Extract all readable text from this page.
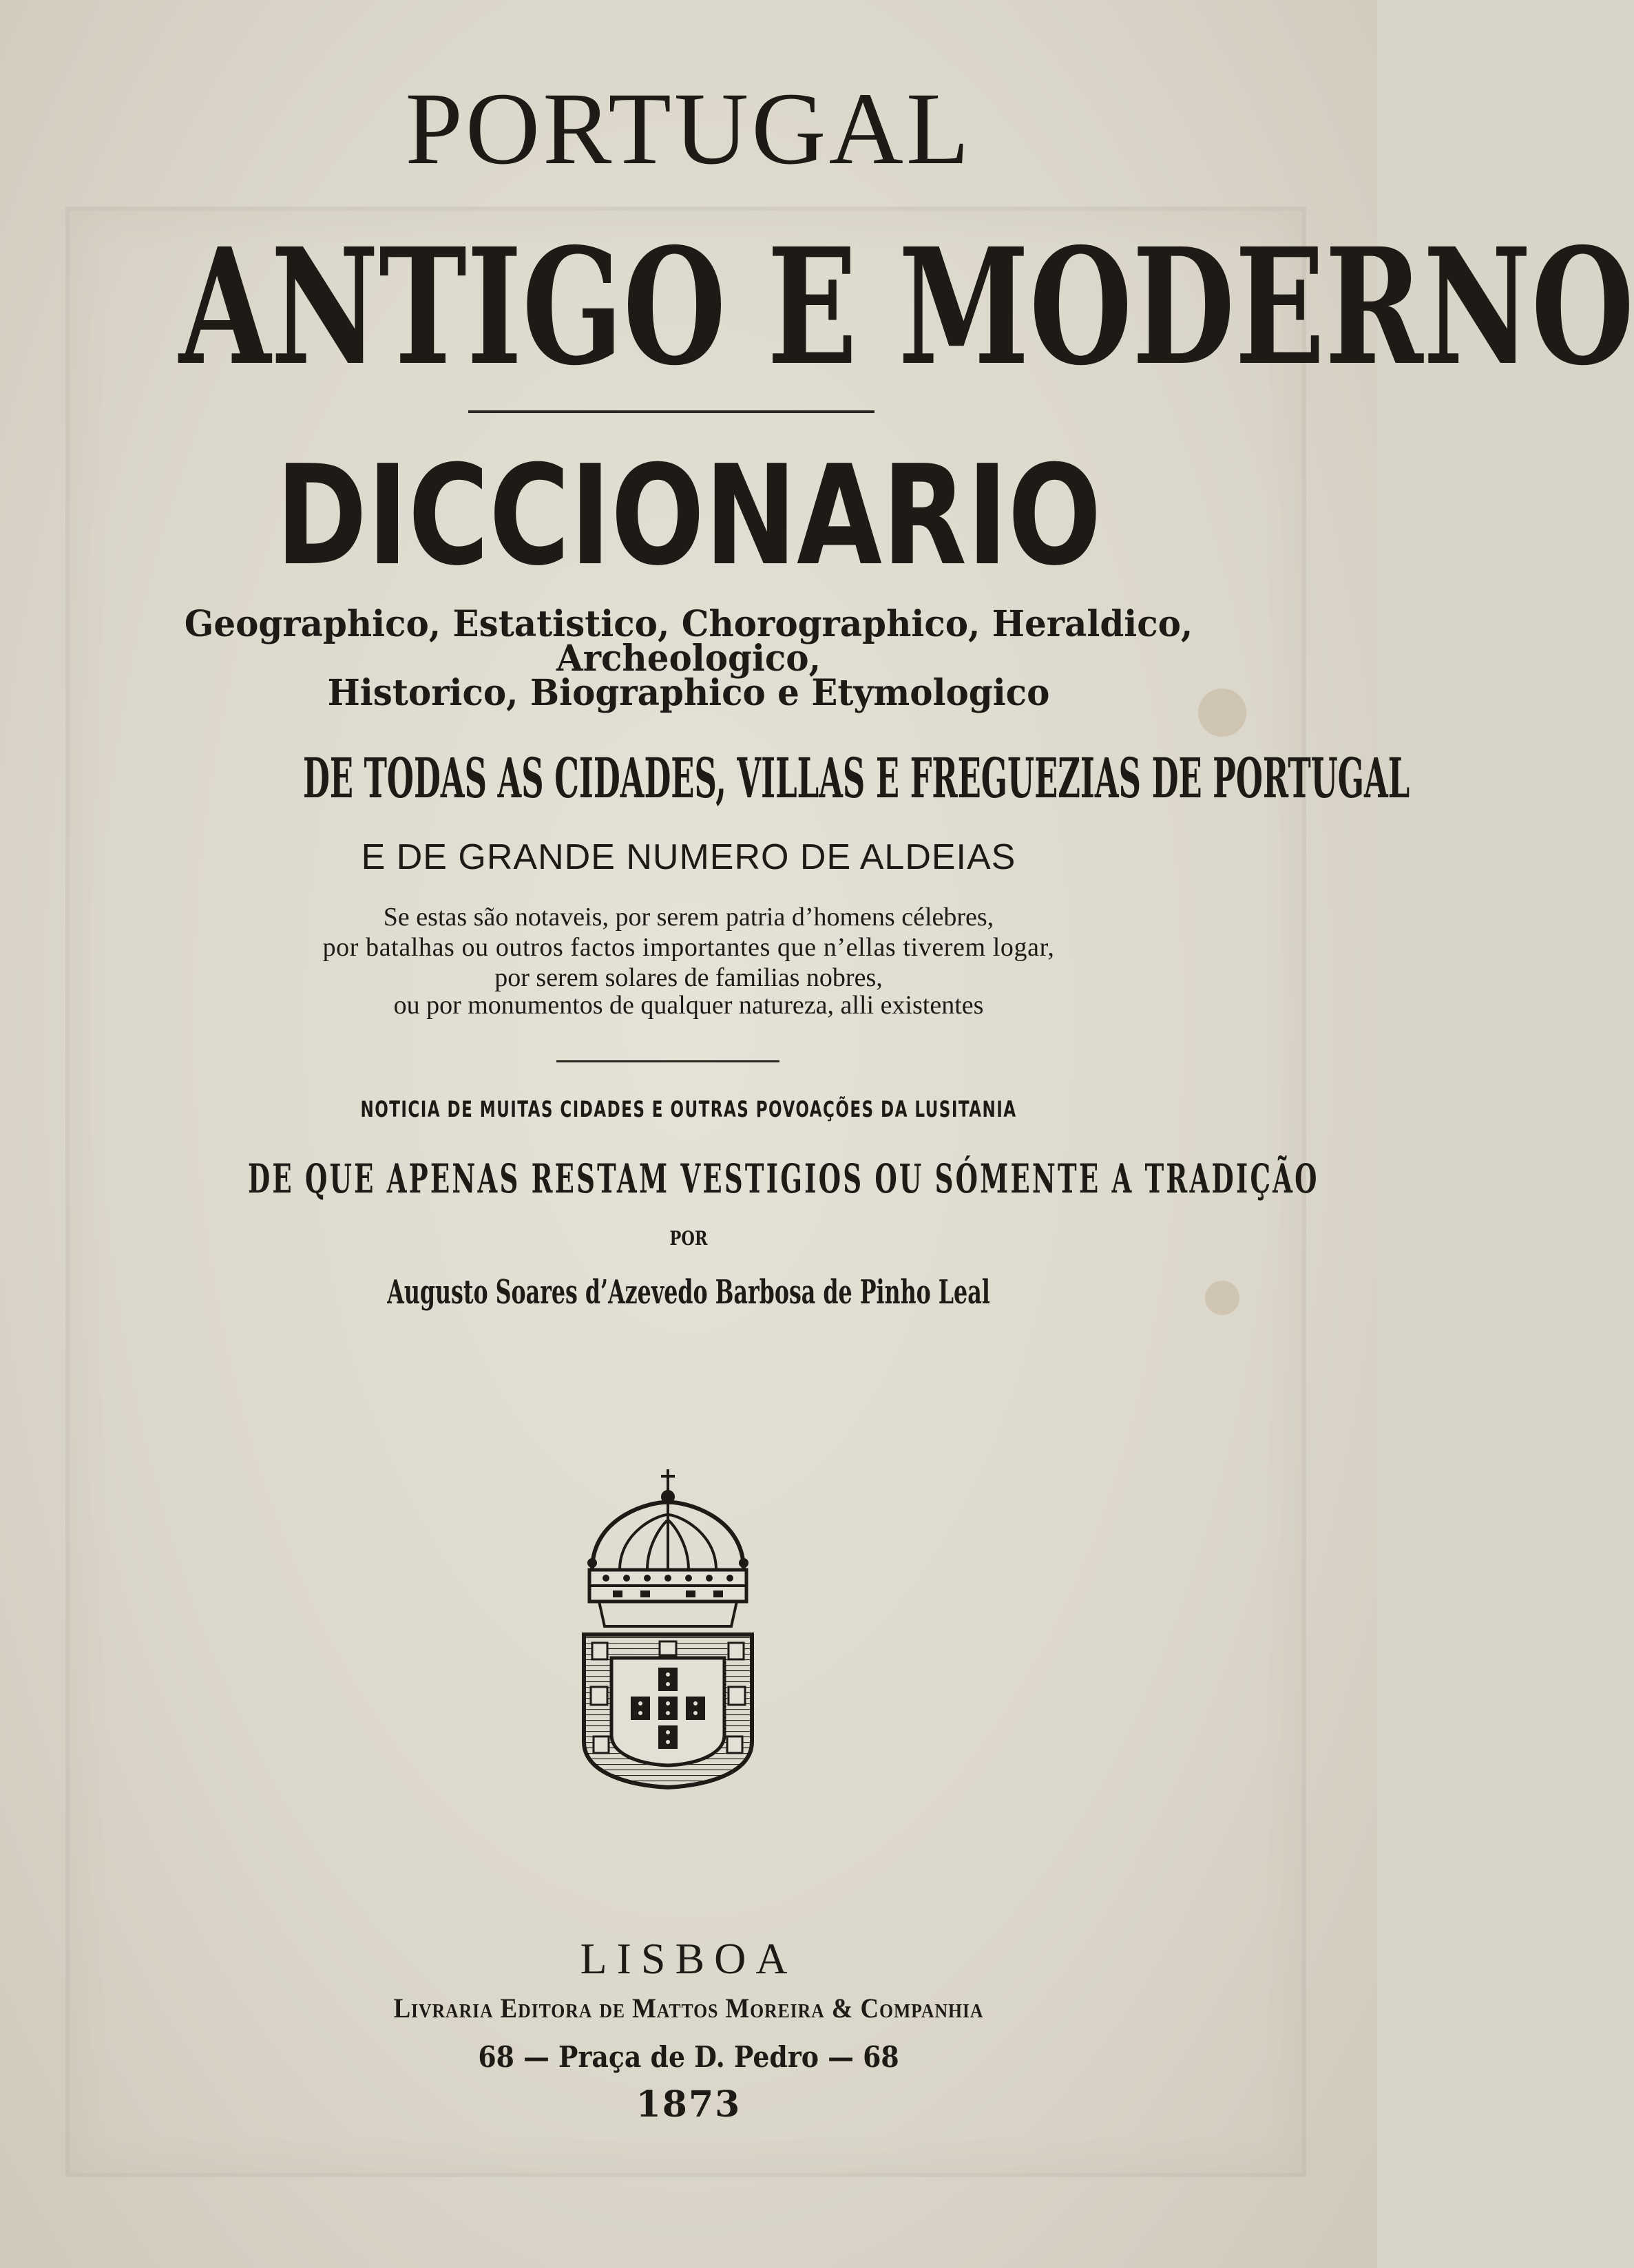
PORTUGAL
ANTIGO E MODERNO
DICCIONARIO
Geographico, Estatistico, Chorographico, Heraldico,
Archeologico,
Historico, Biographico e Etymologico
DE TODAS AS CIDADES, VILLAS E FREGUEZIAS DE PORTUGAL
E DE GRANDE NUMERO DE ALDEIAS
Se estas são notaveis, por serem patria d’homens célebres,
por batalhas ou outros factos importantes que n’ellas tiverem logar,
por serem solares de familias nobres,
ou por monumentos de qualquer natureza, alli existentes
NOTICIA DE MUITAS CIDADES E OUTRAS POVOAÇÕES DA LUSITANIA
DE QUE APENAS RESTAM VESTIGIOS OU SÓMENTE A TRADIÇÃO
POR
Augusto Soares d’Azevedo Barbosa de Pinho Leal
LISBOA
Livraria Editora de Mattos Moreira & Companhia
68 — Praça de D. Pedro — 68
1873
